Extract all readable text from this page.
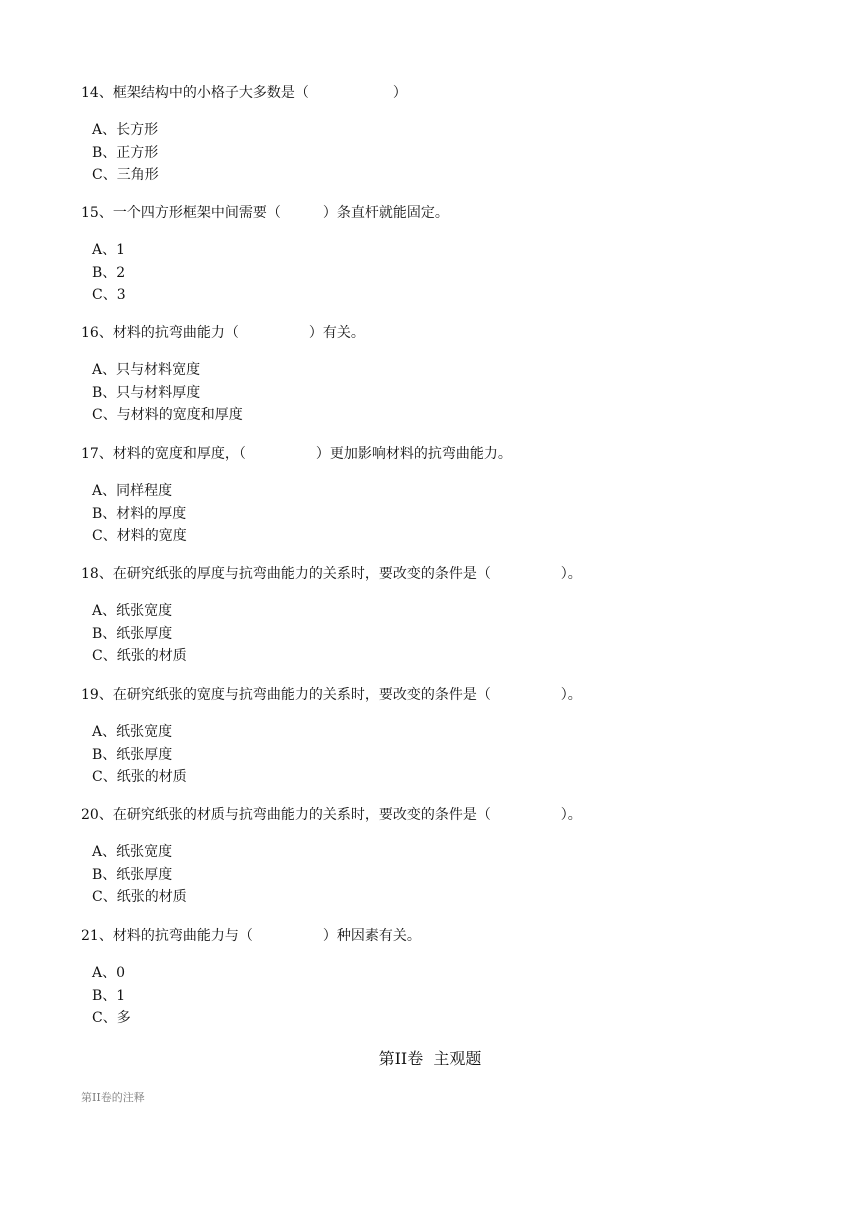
14、框架结构中的小格子大多数是（　　　　　　）
A、长方形
B、正方形
C、三角形
15、一个四方形框架中间需要（　　　）条直杆就能固定。
A、1
B、2
C、3
16、材料的抗弯曲能力（　　　　　）有关。
A、只与材料宽度
B、只与材料厚度
C、与材料的宽度和厚度
17、材料的宽度和厚度，（　　　　　）更加影响材料的抗弯曲能力。
A、同样程度
B、材料的厚度
C、材料的宽度
18、在研究纸张的厚度与抗弯曲能力的关系时，要改变的条件是（　　　　　）。
A、纸张宽度
B、纸张厚度
C、纸张的材质
19、在研究纸张的宽度与抗弯曲能力的关系时，要改变的条件是（　　　　　）。
A、纸张宽度
B、纸张厚度
C、纸张的材质
20、在研究纸张的材质与抗弯曲能力的关系时，要改变的条件是（　　　　　）。
A、纸张宽度
B、纸张厚度
C、纸张的材质
21、材料的抗弯曲能力与（　　　　　）种因素有关。
A、0
B、1
C、多
第II卷  主观题
第II卷的注释
